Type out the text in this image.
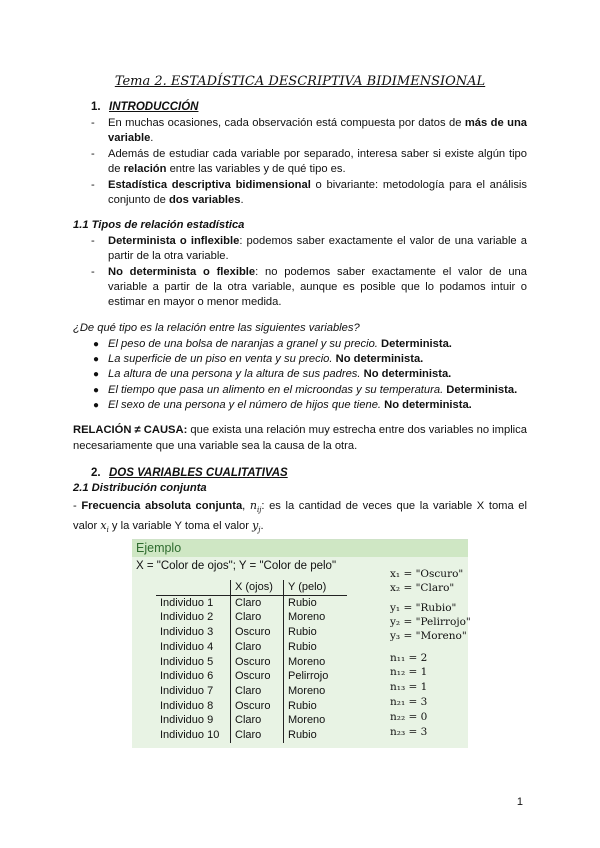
Tema 2. ESTADÍSTICA DESCRIPTIVA BIDIMENSIONAL
1. INTRODUCCIÓN
- En muchas ocasiones, cada observación está compuesta por datos de más de una variable.
- Además de estudiar cada variable por separado, interesa saber si existe algún tipo de relación entre las variables y de qué tipo es.
- Estadística descriptiva bidimensional o bivariante: metodología para el análisis conjunto de dos variables.
1.1 Tipos de relación estadística
- Determinista o inflexible: podemos saber exactamente el valor de una variable a partir de la otra variable.
- No determinista o flexible: no podemos saber exactamente el valor de una variable a partir de la otra variable, aunque es posible que lo podamos intuir o estimar en mayor o menor medida.
¿De qué tipo es la relación entre las siguientes variables?
● El peso de una bolsa de naranjas a granel y su precio. Determinista.
● La superficie de un piso en venta y su precio. No determinista.
● La altura de una persona y la altura de sus padres. No determinista.
● El tiempo que pasa un alimento en el microondas y su temperatura. Determinista.
● El sexo de una persona y el número de hijos que tiene. No determinista.
RELACIÓN ≠ CAUSA: que exista una relación muy estrecha entre dos variables no implica necesariamente que una variable sea la causa de la otra.
2. DOS VARIABLES CUALITATIVAS
2.1 Distribución conjunta
- Frecuencia absoluta conjunta, $n_{ij}$: es la cantidad de veces que la variable X toma el valor $x_i$ y la variable Y toma el valor $y_j$.
Ejemplo
X = "Color de ojos"; Y = "Color de pelo"
	X (ojos)	Y (pelo)
Individuo 1	Claro	Rubio
Individuo 2	Claro	Moreno
Individuo 3	Oscuro	Rubio
Individuo 4	Claro	Rubio
Individuo 5	Oscuro	Moreno
Individuo 6	Oscuro	Pelirrojo
Individuo 7	Claro	Moreno
Individuo 8	Oscuro	Rubio
Individuo 9	Claro	Moreno
Individuo 10	Claro	Rubio
x₁ = "Oscuro"
x₂ = "Claro"
y₁ = "Rubio"
y₂ = "Pelirrojo"
y₃ = "Moreno"
n₁₁ = 2
n₁₂ = 1
n₁₃ = 1
n₂₁ = 3
n₂₂ = 0
n₂₃ = 3
1
